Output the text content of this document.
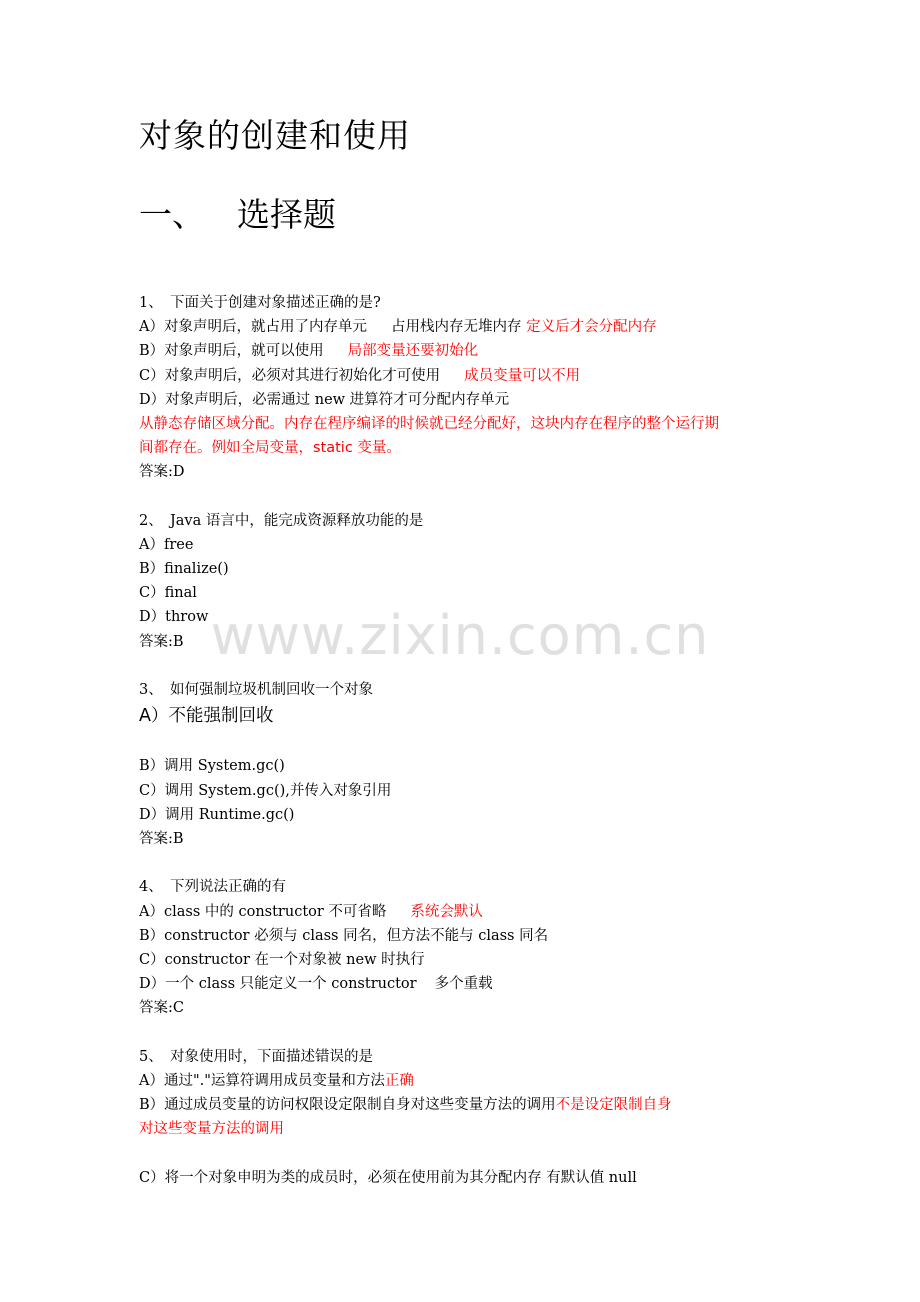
对象的创建和使用
一、 选择题
1、　下面关于创建对象描述正确的是?
A）对象声明后，就占用了内存单元 占用栈内存无堆内存 定义后才会分配内存
B）对象声明后，就可以使用 局部变量还要初始化
C）对象声明后，必须对其进行初始化才可使用 成员变量可以不用
D）对象声明后，必需通过 new 进算符才可分配内存单元
从静态存储区域分配。内存在程序编译的时候就已经分配好，这块内存在程序的整个运行期
间都存在。例如全局变量，static 变量。
答案:D
2、　Java 语言中，能完成资源释放功能的是
A）free
B）finalize()
C）final
D）throw
答案:B
3、　如何强制垃圾机制回收一个对象
A）不能强制回收
B）调用 System.gc()
C）调用 System.gc(),并传入对象引用
D）调用 Runtime.gc()
答案:B
4、　下列说法正确的有
A）class 中的 constructor 不可省略 系统会默认
B）constructor 必须与 class 同名，但方法不能与 class 同名
C）constructor 在一个对象被 new 时执行
D）一个 class 只能定义一个 constructor 多个重载
答案:C
5、　对象使用时，下面描述错误的是
A）通过"."运算符调用成员变量和方法正确
B）通过成员变量的访问权限设定限制自身对这些变量方法的调用不是设定限制自身
对这些变量方法的调用
C）将一个对象申明为类的成员时，必须在使用前为其分配内存 有默认值 null
www.zixin.com.cn
